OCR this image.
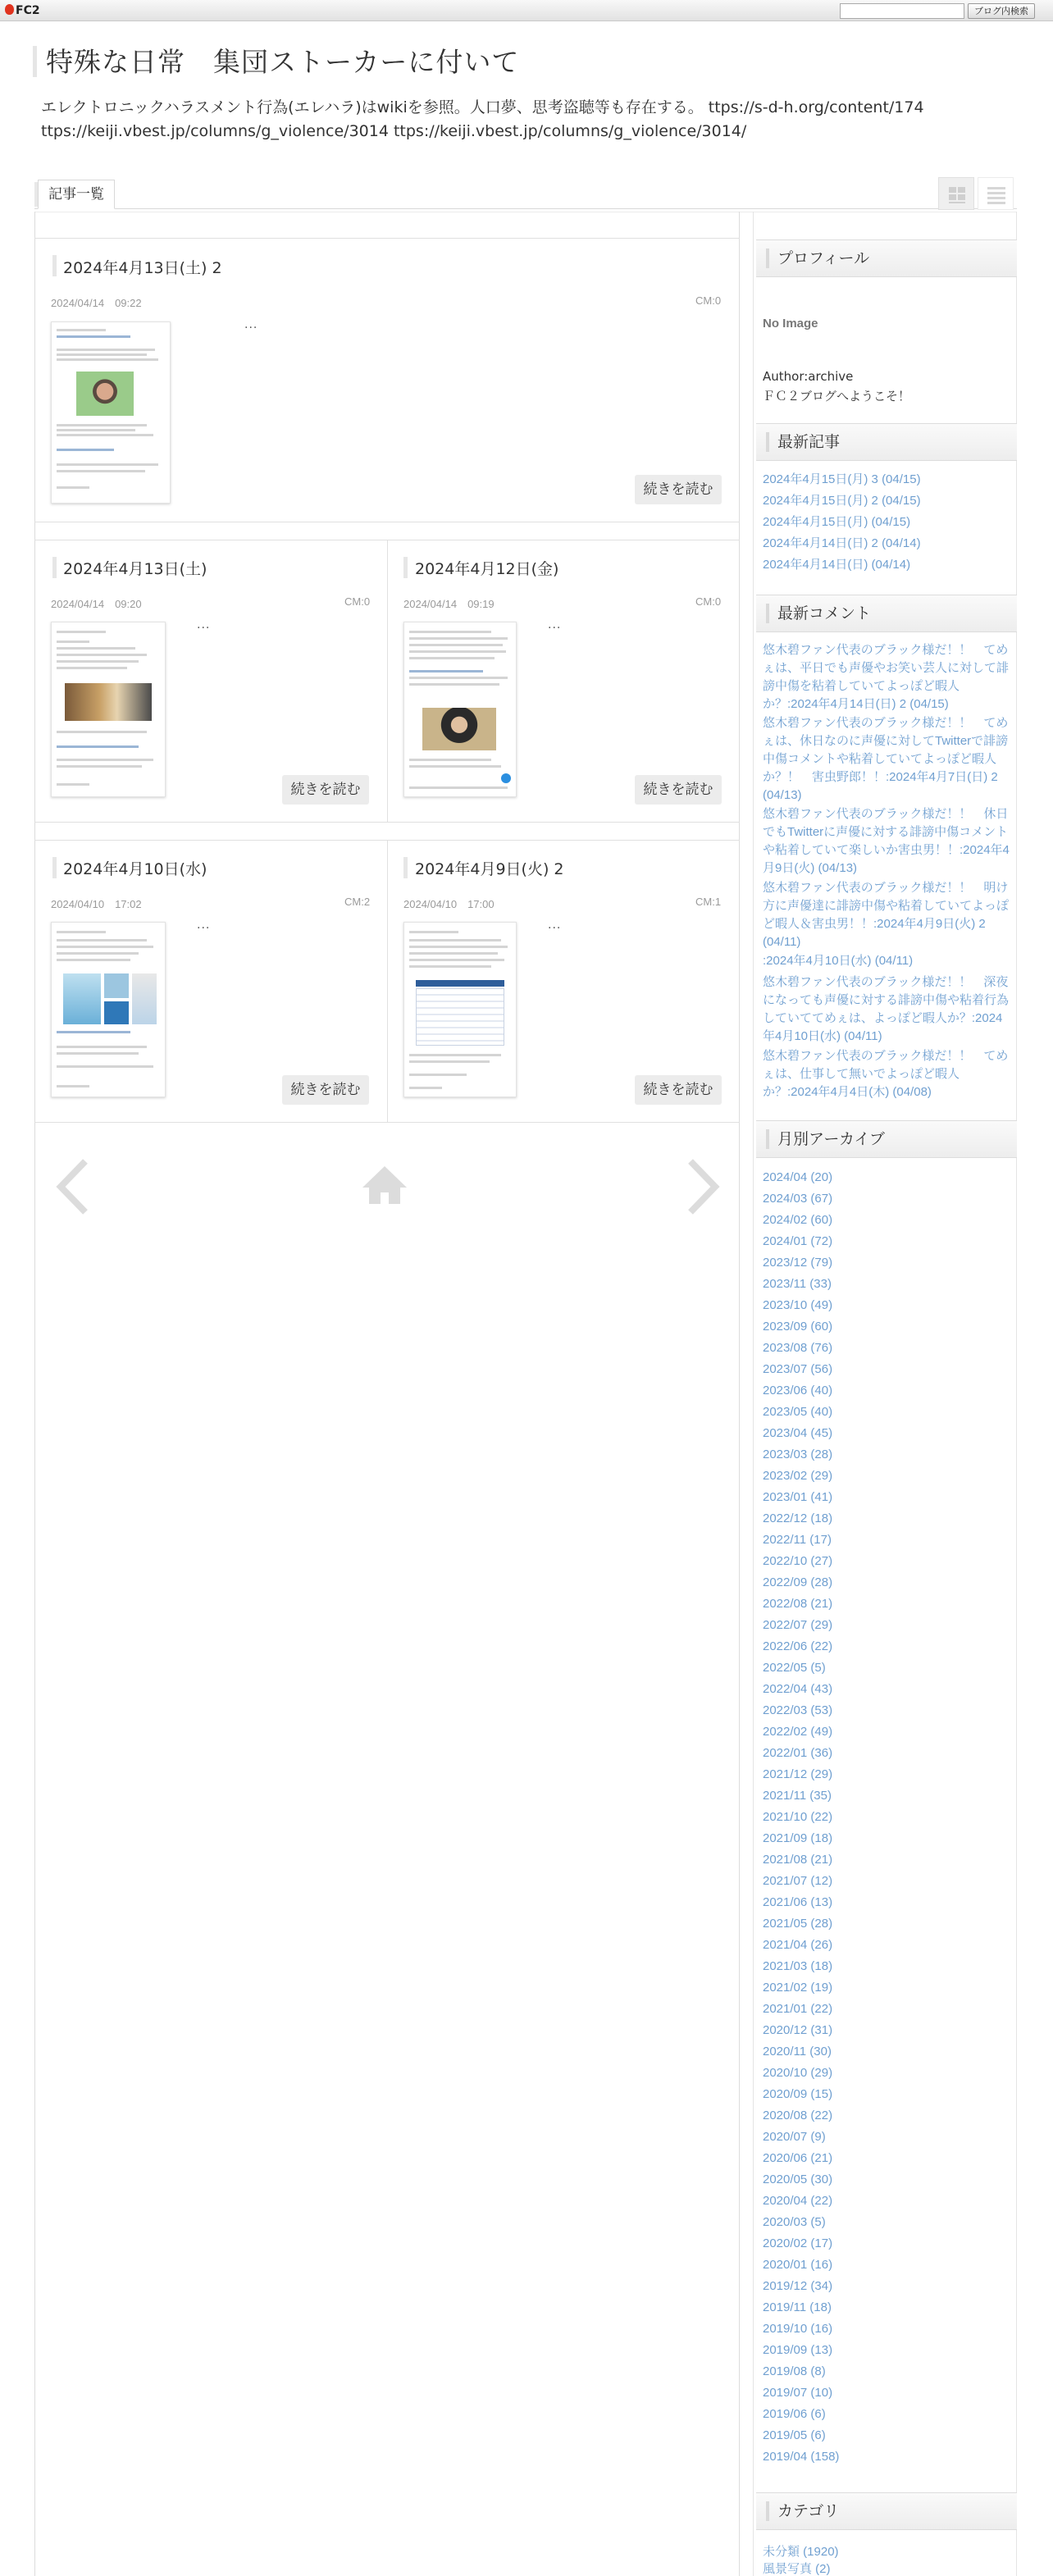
FC2	ブログ内検索
特殊な日常　集団ストーカーに付いて
エレクトロニックハラスメント行為(エレハラ)はwikiを参照。人口夢、思考盗聴等も存在する。 ttps://s-d-h.org/content/174 ttps://keiji.vbest.jp/columns/g_violence/3014 ttps://keiji.vbest.jp/columns/g_violence/3014/
記事一覧
2024年4月13日(土) 2
2024/04/14　09:22	CM:0
···
続きを読む
2024年4月13日(土)
2024/04/14　09:20	CM:0
···
続きを読む
2024年4月12日(金)
2024/04/14　09:19	CM:0
···
続きを読む
2024年4月10日(水)
2024/04/10　17:02	CM:2
···
続きを読む
2024年4月9日(火) 2
2024/04/10　17:00	CM:1
···
続きを読む
プロフィール
No Image
Author:archive
ＦＣ２ブログへようこそ！
最新記事
2024年4月15日(月) 3 (04/15)
2024年4月15日(月) 2 (04/15)
2024年4月15日(月) (04/15)
2024年4月14日(日) 2 (04/14)
2024年4月14日(日) (04/14)
最新コメント
悠木碧ファン代表のブラック様だ！！　てめぇは、平日でも声優やお笑い芸人に対して誹謗中傷を粘着していてよっぽど暇人か？:2024年4月14日(日) 2 (04/15)
悠木碧ファン代表のブラック様だ！！　てめぇは、休日なのに声優に対してTwitterで誹謗中傷コメントや粘着していてよっぽど暇人か？！　害虫野郎！！:2024年4月7日(日) 2 (04/13)
悠木碧ファン代表のブラック様だ！！　休日でもTwitterに声優に対する誹謗中傷コメントや粘着していて楽しいか害虫男！！:2024年4月9日(火) (04/13)
悠木碧ファン代表のブラック様だ！！　明け方に声優達に誹謗中傷や粘着していてよっぽど暇人＆害虫男！！:2024年4月9日(火) 2 (04/11)
:2024年4月10日(水) (04/11)
悠木碧ファン代表のブラック様だ！！　深夜になっても声優に対する誹謗中傷や粘着行為していててめぇは、よっぽど暇人か？:2024年4月10日(水) (04/11)
悠木碧ファン代表のブラック様だ！！　てめぇは、仕事して無いでよっぽど暇人か？:2024年4月4日(木) (04/08)
月別アーカイブ
2024/04 (20)
2024/03 (67)
2024/02 (60)
2024/01 (72)
2023/12 (79)
2023/11 (33)
2023/10 (49)
2023/09 (60)
2023/08 (76)
2023/07 (56)
2023/06 (40)
2023/05 (40)
2023/04 (45)
2023/03 (28)
2023/02 (29)
2023/01 (41)
2022/12 (18)
2022/11 (17)
2022/10 (27)
2022/09 (28)
2022/08 (21)
2022/07 (29)
2022/06 (22)
2022/05 (5)
2022/04 (43)
2022/03 (53)
2022/02 (49)
2022/01 (36)
2021/12 (29)
2021/11 (35)
2021/10 (22)
2021/09 (18)
2021/08 (21)
2021/07 (12)
2021/06 (13)
2021/05 (28)
2021/04 (26)
2021/03 (18)
2021/02 (19)
2021/01 (22)
2020/12 (31)
2020/11 (30)
2020/10 (29)
2020/09 (15)
2020/08 (22)
2020/07 (9)
2020/06 (21)
2020/05 (30)
2020/04 (22)
2020/03 (5)
2020/02 (17)
2020/01 (16)
2019/12 (34)
2019/11 (18)
2019/10 (16)
2019/09 (13)
2019/08 (8)
2019/07 (10)
2019/06 (6)
2019/05 (6)
2019/04 (158)
カテゴリ
未分類 (1920)
風景写真 (2)
